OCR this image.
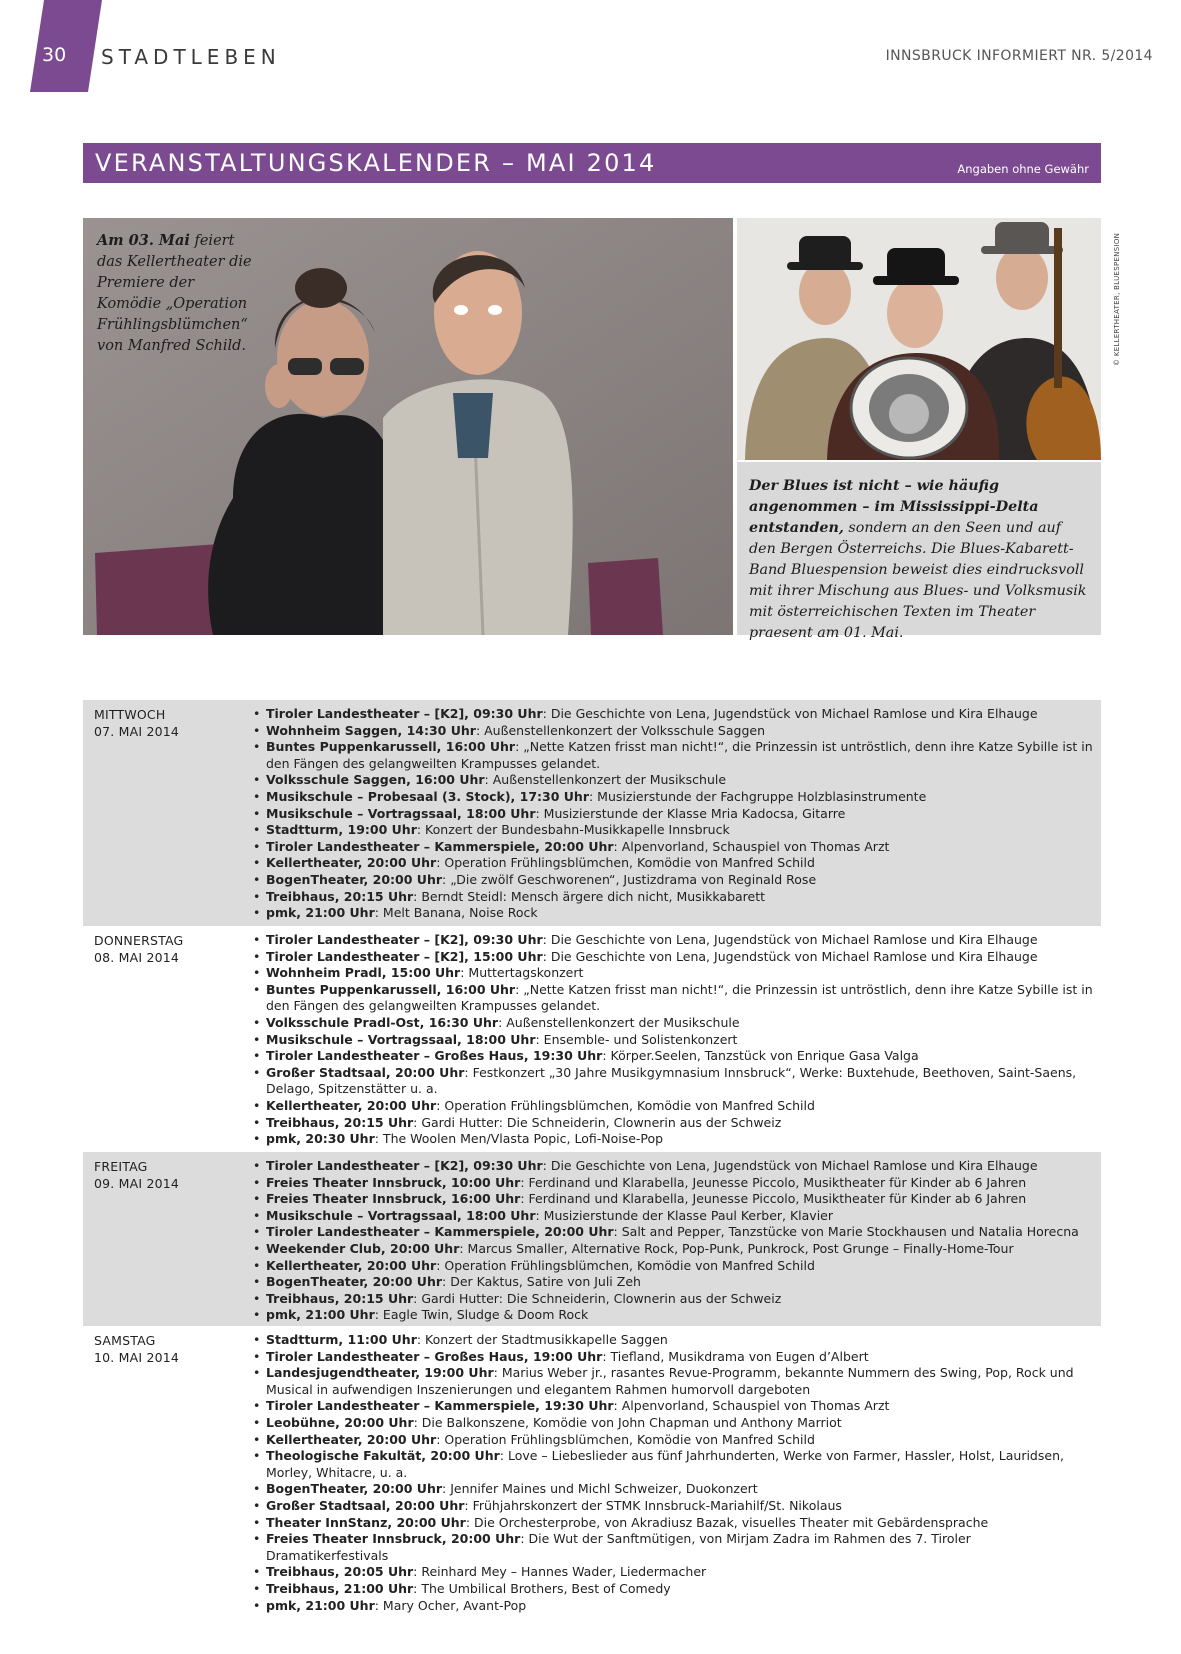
30 STADTLEBEN	INNSBRUCK INFORMIERT NR. 5/2014
VERANSTALTUNGSKALENDER – MAI 2014	Angaben ohne Gewähr
Am 03. Mai feiert das Kellertheater die Premiere der Komödie „Operation Frühlingsblümchen“ von Manfred Schild.	© KELLERTHEATER, BLUESPENSION
Der Blues ist nicht – wie häufig angenommen – im Mississippi-Delta entstanden, sondern an den Seen und auf den Bergen Österreichs. Die Blues-Kabarett-Band Bluespension beweist dies eindrucksvoll mit ihrer Mischung aus Blues- und Volksmusik mit österreichischen Texten im Theater praesent am 01. Mai.
MITTWOCH
07. MAI 2014
• Tiroler Landestheater – [K2], 09:30 Uhr: Die Geschichte von Lena, Jugendstück von Michael Ramlose und Kira Elhauge
• Wohnheim Saggen, 14:30 Uhr: Außenstellenkonzert der Volksschule Saggen
• Buntes Puppenkarussell, 16:00 Uhr: „Nette Katzen frisst man nicht!“, die Prinzessin ist untröstlich, denn ihre Katze Sybille ist in den Fängen des gelangweilten Krampusses gelandet.
• Volksschule Saggen, 16:00 Uhr: Außenstellenkonzert der Musikschule
• Musikschule – Probesaal (3. Stock), 17:30 Uhr: Musizierstunde der Fachgruppe Holzblasinstrumente
• Musikschule – Vortragssaal, 18:00 Uhr: Musizierstunde der Klasse Mria Kadocsa, Gitarre
• Stadtturm, 19:00 Uhr: Konzert der Bundesbahn-Musikkapelle Innsbruck
• Tiroler Landestheater – Kammerspiele, 20:00 Uhr: Alpenvorland, Schauspiel von Thomas Arzt
• Kellertheater, 20:00 Uhr: Operation Frühlingsblümchen, Komödie von Manfred Schild
• BogenTheater, 20:00 Uhr: „Die zwölf Geschworenen“, Justizdrama von Reginald Rose
• Treibhaus, 20:15 Uhr: Berndt Steidl: Mensch ärgere dich nicht, Musikkabarett
• pmk, 21:00 Uhr: Melt Banana, Noise Rock
DONNERSTAG
08. MAI 2014
• Tiroler Landestheater – [K2], 09:30 Uhr: Die Geschichte von Lena, Jugendstück von Michael Ramlose und Kira Elhauge
• Tiroler Landestheater – [K2], 15:00 Uhr: Die Geschichte von Lena, Jugendstück von Michael Ramlose und Kira Elhauge
• Wohnheim Pradl, 15:00 Uhr: Muttertagskonzert
• Buntes Puppenkarussell, 16:00 Uhr: „Nette Katzen frisst man nicht!“, die Prinzessin ist untröstlich, denn ihre Katze Sybille ist in den Fängen des gelangweilten Krampusses gelandet.
• Volksschule Pradl-Ost, 16:30 Uhr: Außenstellenkonzert der Musikschule
• Musikschule – Vortragssaal, 18:00 Uhr: Ensemble- und Solistenkonzert
• Tiroler Landestheater – Großes Haus, 19:30 Uhr: Körper.Seelen, Tanzstück von Enrique Gasa Valga
• Großer Stadtsaal, 20:00 Uhr: Festkonzert „30 Jahre Musikgymnasium Innsbruck“, Werke: Buxtehude, Beethoven, Saint-Saens, Delago, Spitzenstätter u. a.
• Kellertheater, 20:00 Uhr: Operation Frühlingsblümchen, Komödie von Manfred Schild
• Treibhaus, 20:15 Uhr: Gardi Hutter: Die Schneiderin, Clownerin aus der Schweiz
• pmk, 20:30 Uhr: The Woolen Men/Vlasta Popic, Lofi-Noise-Pop
FREITAG
09. MAI 2014
• Tiroler Landestheater – [K2], 09:30 Uhr: Die Geschichte von Lena, Jugendstück von Michael Ramlose und Kira Elhauge
• Freies Theater Innsbruck, 10:00 Uhr: Ferdinand und Klarabella, Jeunesse Piccolo, Musiktheater für Kinder ab 6 Jahren
• Freies Theater Innsbruck, 16:00 Uhr: Ferdinand und Klarabella, Jeunesse Piccolo, Musiktheater für Kinder ab 6 Jahren
• Musikschule – Vortragssaal, 18:00 Uhr: Musizierstunde der Klasse Paul Kerber, Klavier
• Tiroler Landestheater – Kammerspiele, 20:00 Uhr: Salt and Pepper, Tanzstücke von Marie Stockhausen und Natalia Horecna
• Weekender Club, 20:00 Uhr: Marcus Smaller, Alternative Rock, Pop-Punk, Punkrock, Post Grunge – Finally-Home-Tour
• Kellertheater, 20:00 Uhr: Operation Frühlingsblümchen, Komödie von Manfred Schild
• BogenTheater, 20:00 Uhr: Der Kaktus, Satire von Juli Zeh
• Treibhaus, 20:15 Uhr: Gardi Hutter: Die Schneiderin, Clownerin aus der Schweiz
• pmk, 21:00 Uhr: Eagle Twin, Sludge & Doom Rock
SAMSTAG
10. MAI 2014
• Stadtturm, 11:00 Uhr: Konzert der Stadtmusikkapelle Saggen
• Tiroler Landestheater – Großes Haus, 19:00 Uhr: Tiefland, Musikdrama von Eugen d’Albert
• Landesjugendtheater, 19:00 Uhr: Marius Weber jr., rasantes Revue-Programm, bekannte Nummern des Swing, Pop, Rock und Musical in aufwendigen Inszenierungen und elegantem Rahmen humorvoll dargeboten
• Tiroler Landestheater – Kammerspiele, 19:30 Uhr: Alpenvorland, Schauspiel von Thomas Arzt
• Leobühne, 20:00 Uhr: Die Balkonszene, Komödie von John Chapman und Anthony Marriot
• Kellertheater, 20:00 Uhr: Operation Frühlingsblümchen, Komödie von Manfred Schild
• Theologische Fakultät, 20:00 Uhr: Love – Liebeslieder aus fünf Jahrhunderten, Werke von Farmer, Hassler, Holst, Lauridsen, Morley, Whitacre, u. a.
• BogenTheater, 20:00 Uhr: Jennifer Maines und Michl Schweizer, Duokonzert
• Großer Stadtsaal, 20:00 Uhr: Frühjahrskonzert der STMK Innsbruck-Mariahilf/St. Nikolaus
• Theater InnStanz, 20:00 Uhr: Die Orchesterprobe, von Akradiusz Bazak, visuelles Theater mit Gebärdensprache
• Freies Theater Innsbruck, 20:00 Uhr: Die Wut der Sanftmütigen, von Mirjam Zadra im Rahmen des 7. Tiroler Dramatikerfestivals
• Treibhaus, 20:05 Uhr: Reinhard Mey – Hannes Wader, Liedermacher
• Treibhaus, 21:00 Uhr: The Umbilical Brothers, Best of Comedy
• pmk, 21:00 Uhr: Mary Ocher, Avant-Pop
